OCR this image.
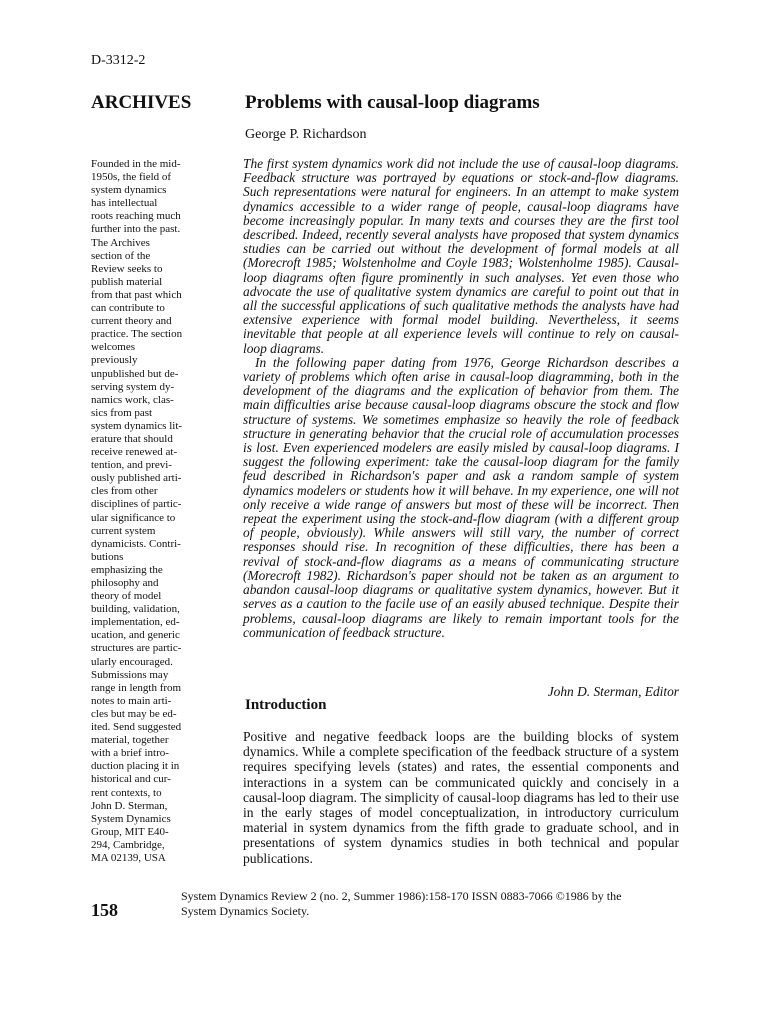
D-3312-2
ARCHIVES	Problems with causal-loop diagrams
George P. Richardson
Founded in the mid-
1950s, the field of
system dynamics
has intellectual
roots reaching much
further into the past.
The Archives
section of the
Review seeks to
publish material
from that past which
can contribute to
current theory and
practice. The section
welcomes
previously
unpublished but de-
serving system dy-
namics work, clas-
sics from past
system dynamics lit-
erature that should
receive renewed at-
tention, and previ-
ously published arti-
cles from other
disciplines of partic-
ular significance to
current system
dynamicists. Contri-
butions
emphasizing the
philosophy and
theory of model
building, validation,
implementation, ed-
ucation, and generic
structures are partic-
ularly encouraged.
Submissions may
range in length from
notes to main arti-
cles but may be ed-
ited. Send suggested
material, together
with a brief intro-
duction placing it in
historical and cur-
rent contexts, to
John D. Sterman,
System Dynamics
Group, MIT E40-
294, Cambridge,
MA 02139, USA

The first system dynamics work did not include the use of causal-loop diagrams. Feedback structure was portrayed by equations or stock-and-flow diagrams. Such representations were natural for engineers. In an attempt to make system dynamics accessible to a wider range of people, causal-loop diagrams have become increasingly popular. In many texts and courses they are the first tool described. Indeed, recently several analysts have proposed that system dynamics studies can be carried out without the development of formal models at all (Morecroft 1985; Wolstenholme and Coyle 1983; Wolstenholme 1985). Causal-loop diagrams often figure prominently in such analyses. Yet even those who advocate the use of qualitative system dynamics are careful to point out that in all the successful applications of such qualitative methods the analysts have had extensive experience with formal model building. Nevertheless, it seems inevitable that people at all experience levels will continue to rely on causal-loop diagrams.

In the following paper dating from 1976, George Richardson describes a variety of problems which often arise in causal-loop diagramming, both in the development of the diagrams and the explication of behavior from them. The main difficulties arise because causal-loop diagrams obscure the stock and flow structure of systems. We sometimes emphasize so heavily the role of feedback structure in generating behavior that the crucial role of accumulation processes is lost. Even experienced modelers are easily misled by causal-loop diagrams. I suggest the following experiment: take the causal-loop diagram for the family feud described in Richardson's paper and ask a random sample of system dynamics modelers or students how it will behave. In my experience, one will not only receive a wide range of answers but most of these will be incorrect. Then repeat the experiment using the stock-and-flow diagram (with a different group of people, obviously). While answers will still vary, the number of correct responses should rise. In recognition of these difficulties, there has been a revival of stock-and-flow diagrams as a means of communicating structure (Morecroft 1982). Richardson's paper should not be taken as an argument to abandon causal-loop diagrams or qualitative system dynamics, however. But it serves as a caution to the facile use of an easily abused technique. Despite their problems, causal-loop diagrams are likely to remain important tools for the communication of feedback structure.

John D. Sterman, Editor
Introduction
Positive and negative feedback loops are the building blocks of system dynamics. While a complete specification of the feedback structure of a system requires specifying levels (states) and rates, the essential components and interactions in a system can be communicated quickly and concisely in a causal-loop diagram. The simplicity of causal-loop diagrams has led to their use in the early stages of model conceptualization, in introductory curriculum material in system dynamics from the fifth grade to graduate school, and in presentations of system dynamics studies in both technical and popular publications.
158
System Dynamics Review 2 (no. 2, Summer 1986):158-170 ISSN 0883-7066 ©1986 by the
System Dynamics Society.
